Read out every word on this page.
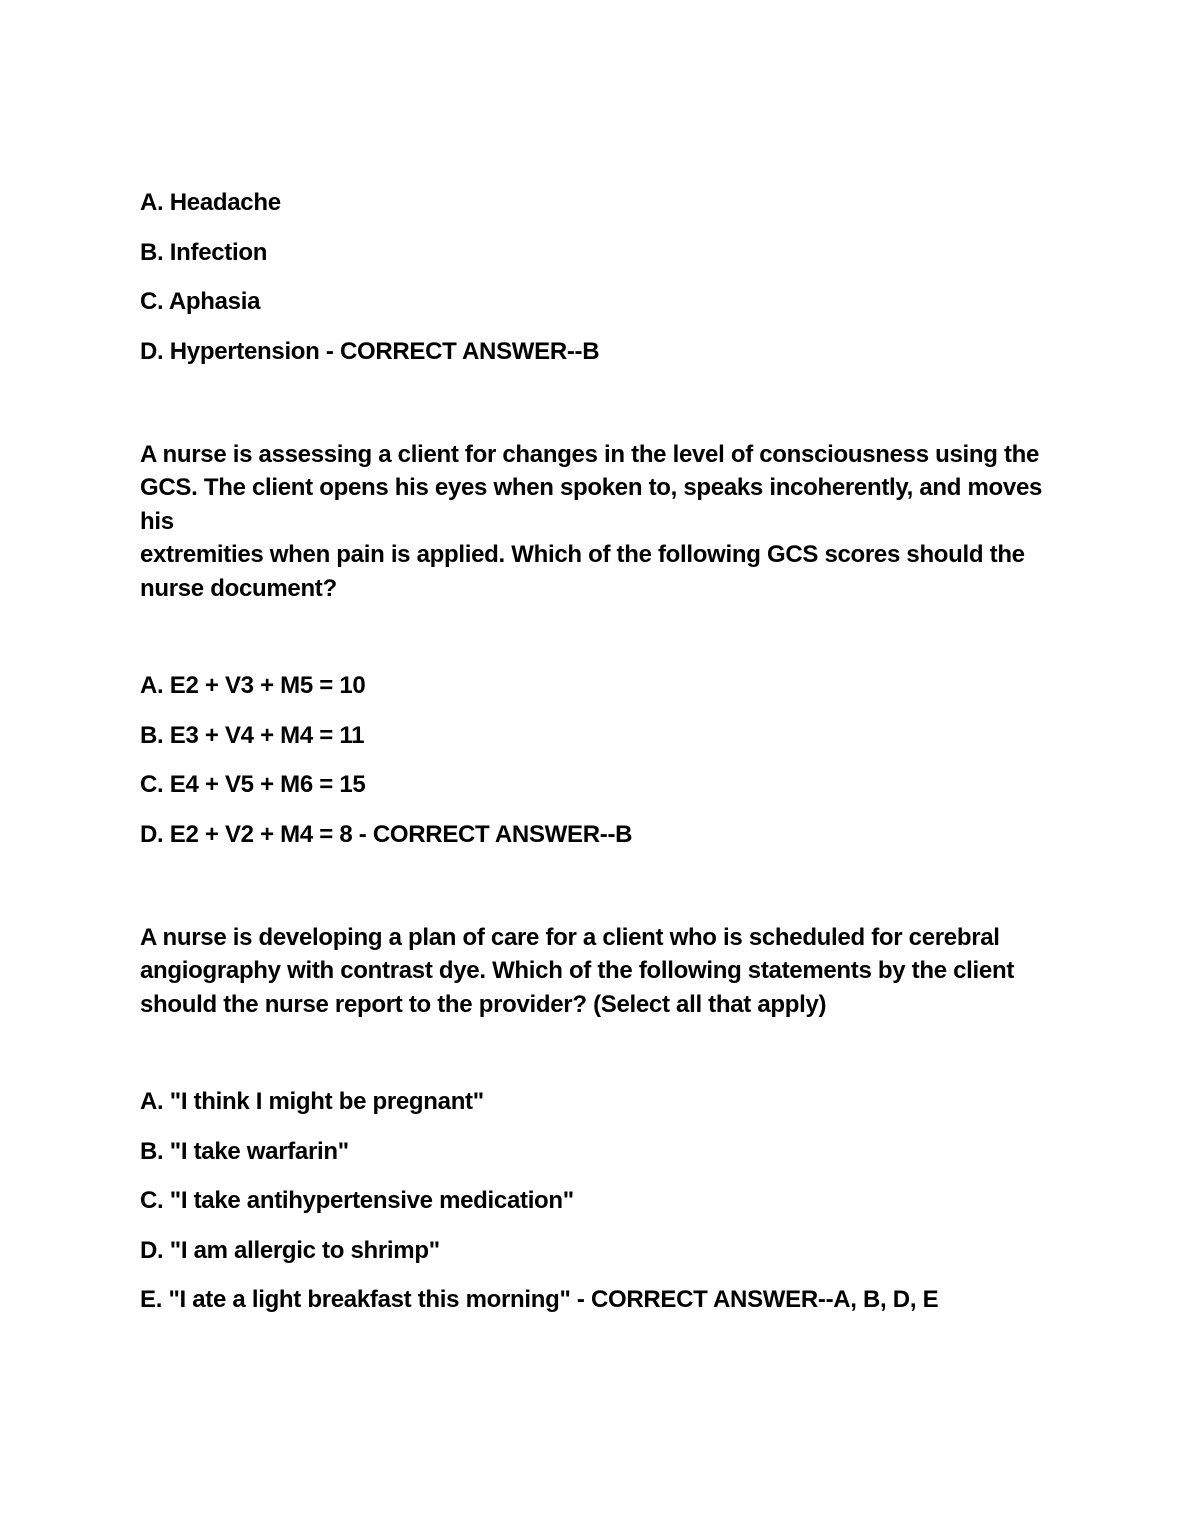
A. Headache

B. Infection

C. Aphasia

D. Hypertension - CORRECT ANSWER--B

A nurse is assessing a client for changes in the level of consciousness using the
GCS. The client opens his eyes when spoken to, speaks incoherently, and moves his
extremities when pain is applied. Which of the following GCS scores should the
nurse document?

A. E2 + V3 + M5 = 10

B. E3 + V4 + M4 = 11

C. E4 + V5 + M6 = 15

D. E2 + V2 + M4 = 8 - CORRECT ANSWER--B

A nurse is developing a plan of care for a client who is scheduled for cerebral
angiography with contrast dye. Which of the following statements by the client
should the nurse report to the provider? (Select all that apply)

A. "I think I might be pregnant"

B. "I take warfarin"

C. "I take antihypertensive medication"

D. "I am allergic to shrimp"

E. "I ate a light breakfast this morning" - CORRECT ANSWER--A, B, D, E
